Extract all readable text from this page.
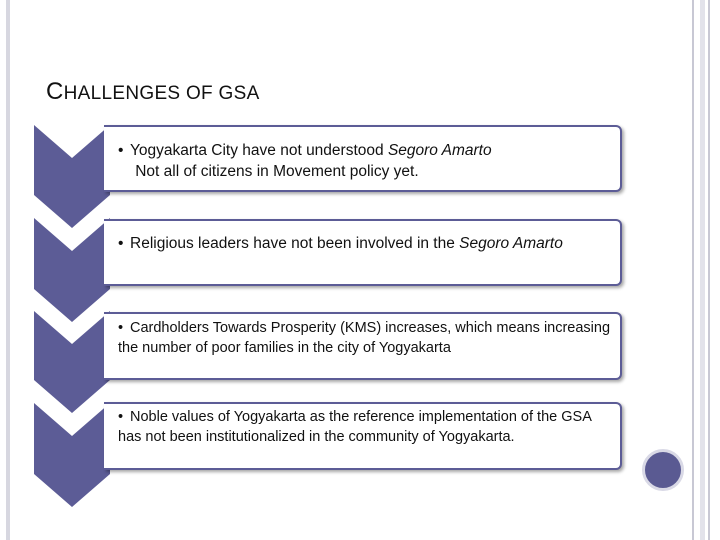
CHALLENGES OF GSA

• Yogyakarta City have not understood Segoro Amarto
Not all of citizens in Movement policy yet.

• Religious leaders have not been involved in the Segoro Amarto

• Cardholders Towards Prosperity (KMS) increases, which means increasing the number of poor families in the city of Yogyakarta

• Noble values of Yogyakarta as the reference implementation of the GSA has not been institutionalized in the community of Yogyakarta.
